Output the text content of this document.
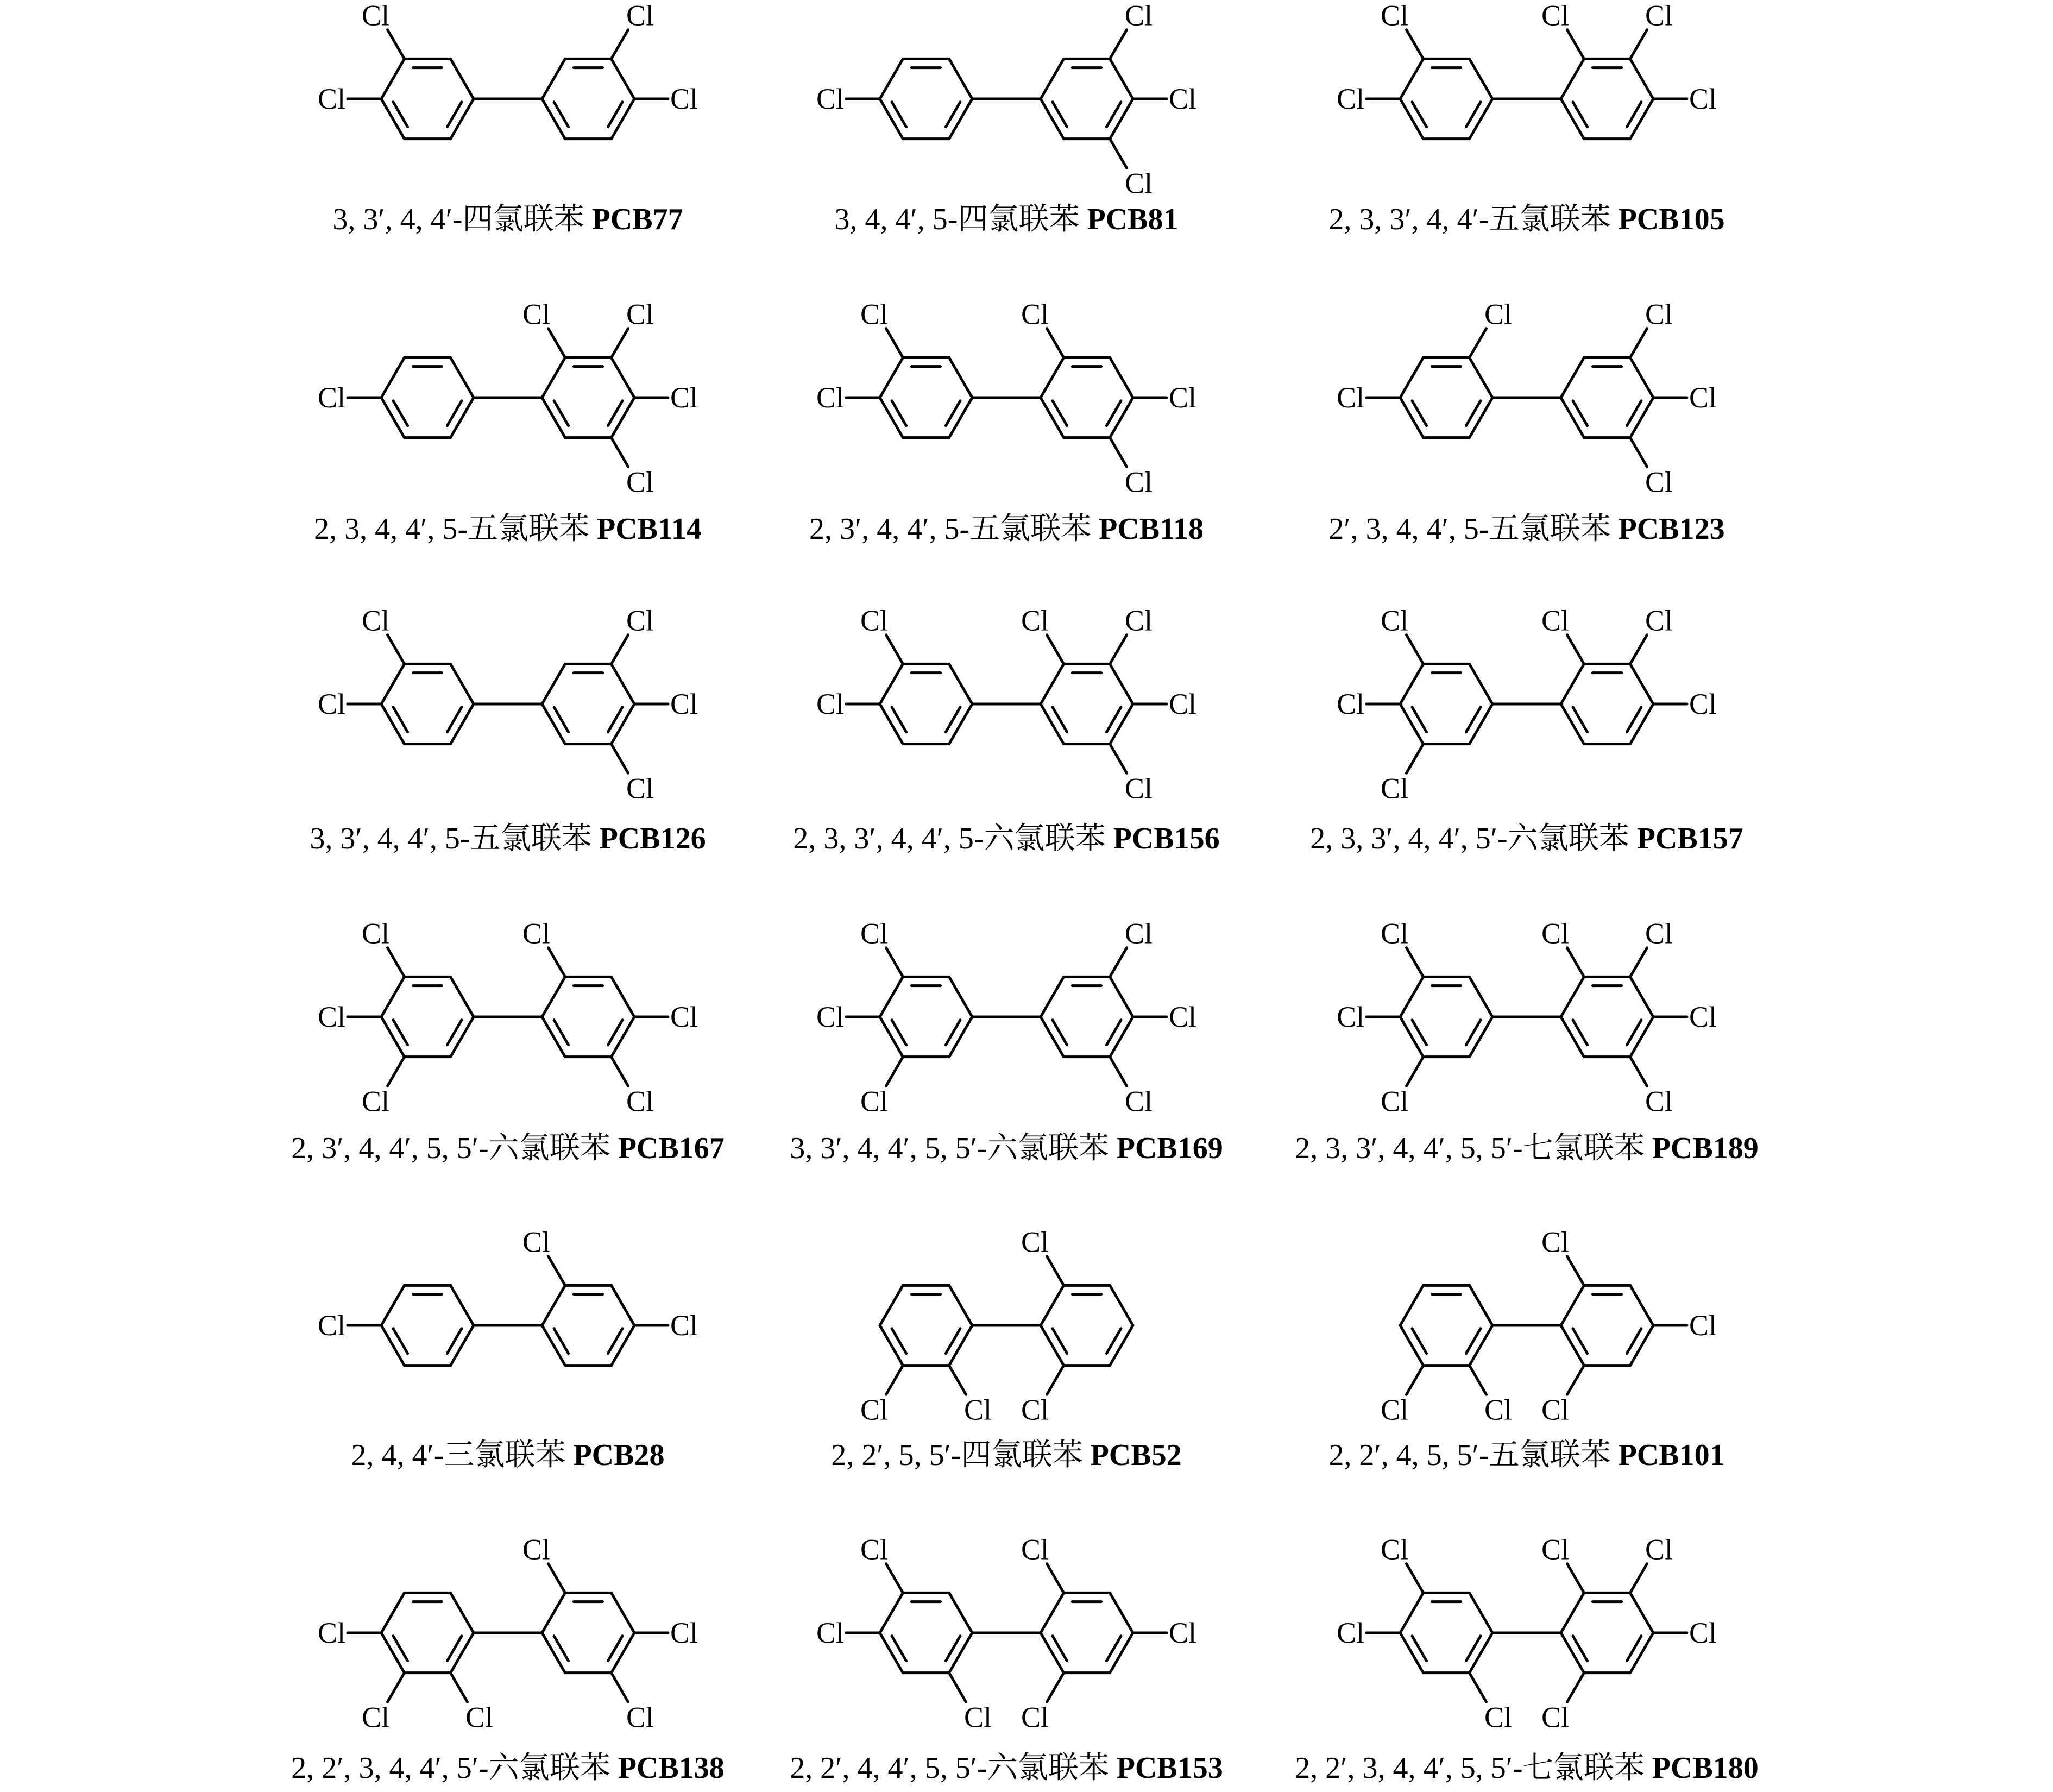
Cl
Cl
Cl
Cl
3, 3′, 4, 4′-四氯联苯 PCB77
Cl
Cl
Cl
Cl
3, 4, 4′, 5-四氯联苯 PCB81
Cl
Cl
Cl	Cl
Cl
2, 3, 3′, 4, 4′-五氯联苯 PCB105
Cl
Cl	Cl
Cl
Cl
2, 3, 4, 4′, 5-五氯联苯 PCB114
Cl
Cl
Cl
Cl
Cl
2, 3′, 4, 4′, 5-五氯联苯 PCB118
Cl
Cl
Cl
Cl
Cl
2′, 3, 4, 4′, 5-五氯联苯 PCB123
Cl
Cl
Cl
Cl
Cl
3, 3′, 4, 4′, 5-五氯联苯 PCB126
Cl
Cl
Cl	Cl
Cl
Cl
2, 3, 3′, 4, 4′, 5-六氯联苯 PCB156
Cl
Cl
Cl
Cl	Cl
Cl
2, 3, 3′, 4, 4′, 5′-六氯联苯 PCB157
Cl
Cl
Cl
Cl
Cl
Cl
2, 3′, 4, 4′, 5, 5′-六氯联苯 PCB167
Cl
Cl
Cl
Cl
Cl
Cl
3, 3′, 4, 4′, 5, 5′-六氯联苯 PCB169
Cl
Cl
Cl
Cl	Cl
Cl
Cl
2, 3, 3′, 4, 4′, 5, 5′-七氯联苯 PCB189
Cl
Cl
Cl
2, 4, 4′-三氯联苯 PCB28
Cl	Cl
Cl
Cl
2, 2′, 5, 5′-四氯联苯 PCB52
Cl	Cl
Cl
Cl
Cl
2, 2′, 4, 5, 5′-五氯联苯 PCB101
Cl
Cl	Cl
Cl
Cl
Cl
2, 2′, 3, 4, 4′, 5′-六氯联苯 PCB138
Cl
Cl
Cl
Cl
Cl
Cl
2, 2′, 4, 4′, 5, 5′-六氯联苯 PCB153
Cl
Cl
Cl
Cl	Cl
Cl
Cl
2, 2′, 3, 4, 4′, 5, 5′-七氯联苯 PCB180
